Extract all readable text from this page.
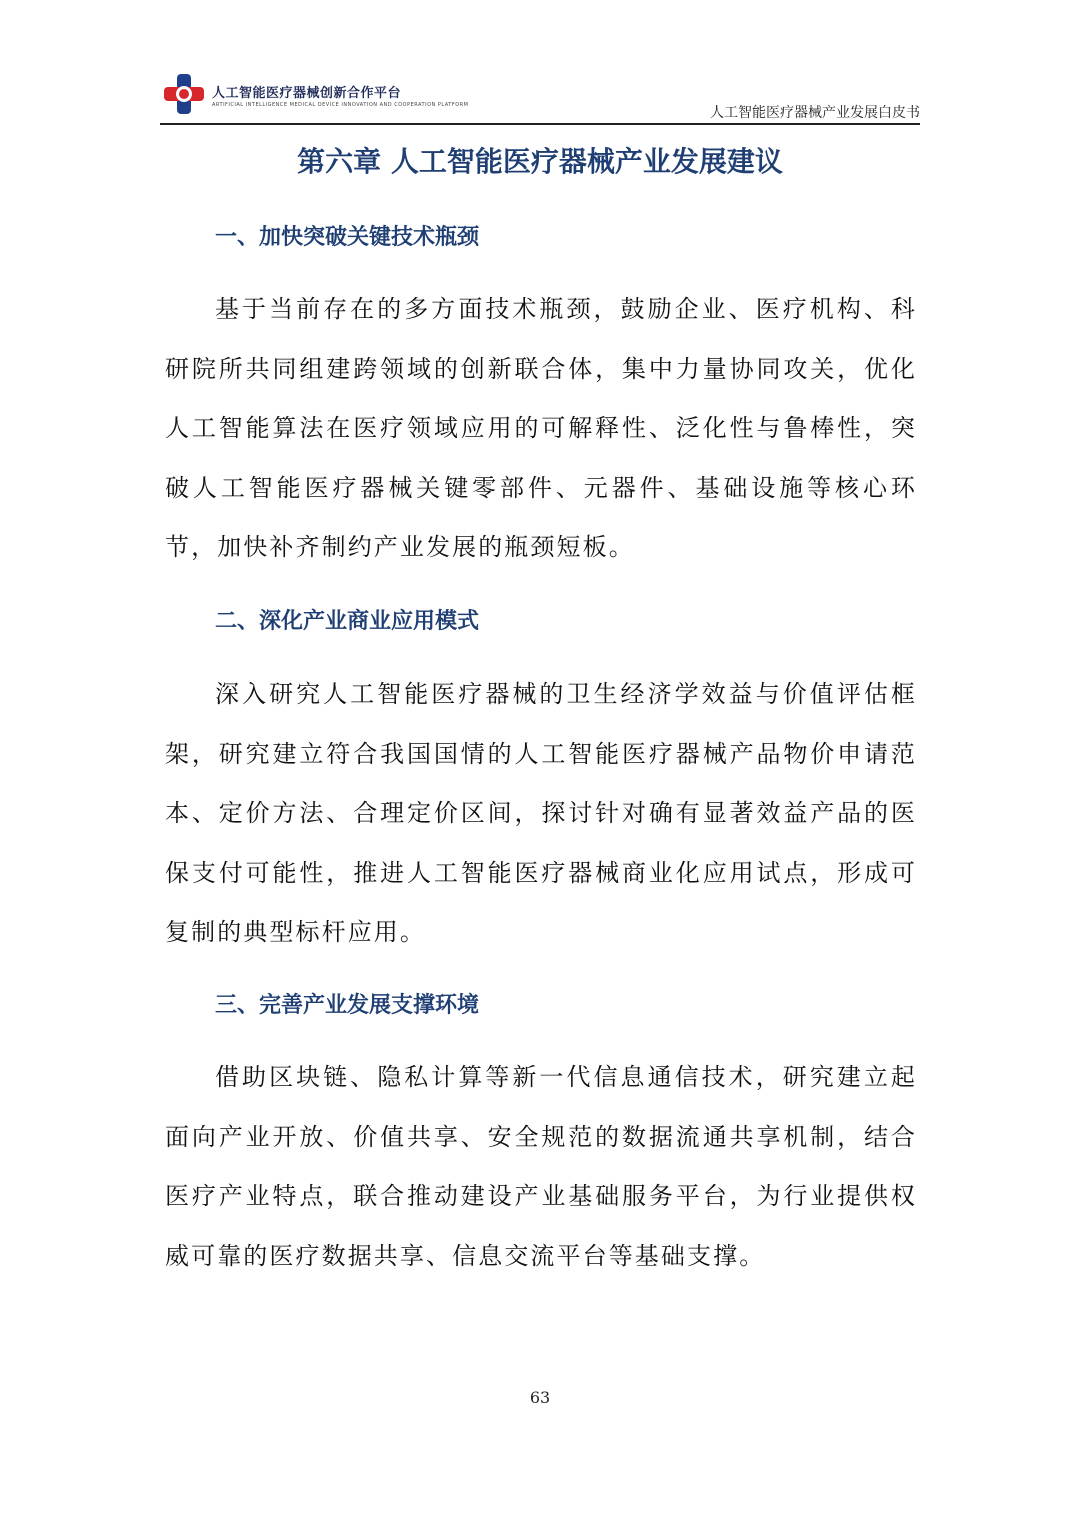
人工智能医疗器械创新合作平台
ARTIFICIAL INTELLIGENCE MEDICAL DEVICE INNOVATION AND COOPERATION PLATFORM	人工智能医疗器械产业发展白皮书
第六章 人工智能医疗器械产业发展建议
一、加快突破关键技术瓶颈

基于当前存在的多方面技术瓶颈，鼓励企业、医疗机构、科研院所共同组建跨领域的创新联合体，集中力量协同攻关，优化人工智能算法在医疗领域应用的可解释性、泛化性与鲁棒性，突破人工智能医疗器械关键零部件、元器件、基础设施等核心环节，加快补齐制约产业发展的瓶颈短板。

二、深化产业商业应用模式

深入研究人工智能医疗器械的卫生经济学效益与价值评估框架，研究建立符合我国国情的人工智能医疗器械产品物价申请范本、定价方法、合理定价区间，探讨针对确有显著效益产品的医保支付可能性，推进人工智能医疗器械商业化应用试点，形成可复制的典型标杆应用。

三、完善产业发展支撑环境

借助区块链、隐私计算等新一代信息通信技术，研究建立起面向产业开放、价值共享、安全规范的数据流通共享机制，结合医疗产业特点，联合推动建设产业基础服务平台，为行业提供权威可靠的医疗数据共享、信息交流平台等基础支撑。

63
